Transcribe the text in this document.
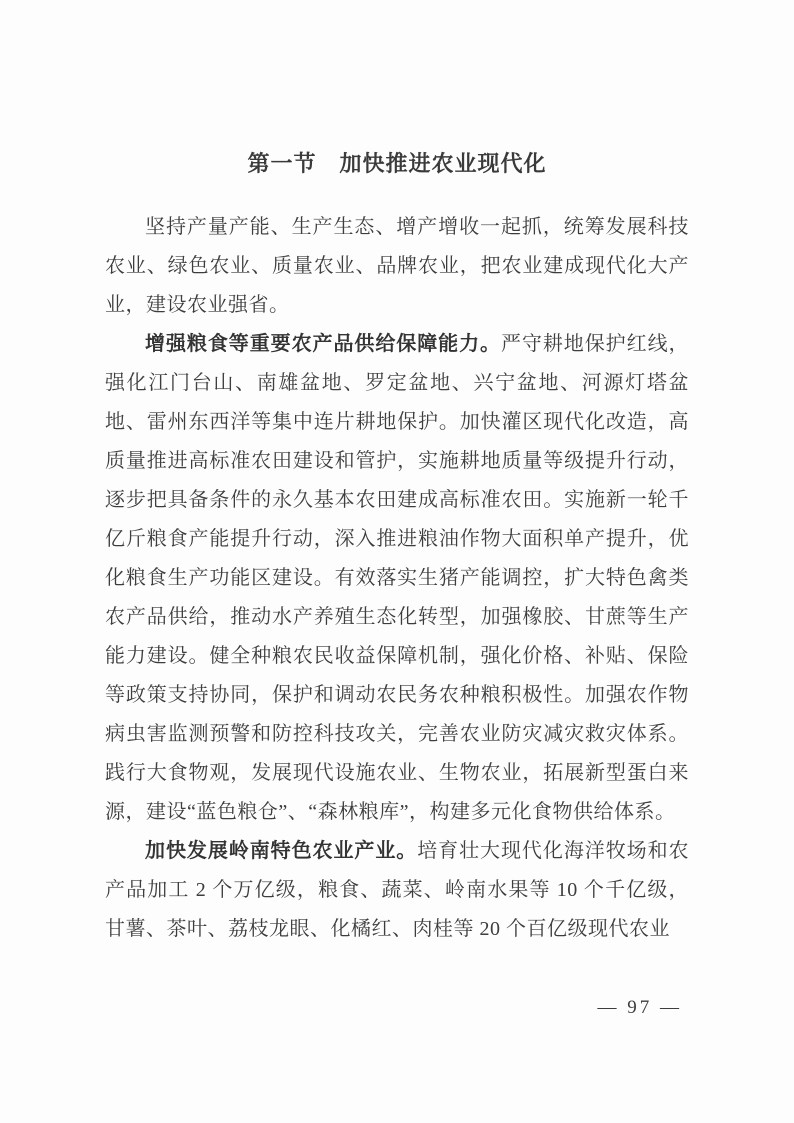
第一节　加快推进农业现代化

坚持产量产能、生产生态、增产增收一起抓，统筹发展科技农业、绿色农业、质量农业、品牌农业，把农业建成现代化大产业，建设农业强省。

增强粮食等重要农产品供给保障能力。严守耕地保护红线，强化江门台山、南雄盆地、罗定盆地、兴宁盆地、河源灯塔盆地、雷州东西洋等集中连片耕地保护。加快灌区现代化改造，高质量推进高标准农田建设和管护，实施耕地质量等级提升行动，逐步把具备条件的永久基本农田建成高标准农田。实施新一轮千亿斤粮食产能提升行动，深入推进粮油作物大面积单产提升，优化粮食生产功能区建设。有效落实生猪产能调控，扩大特色禽类农产品供给，推动水产养殖生态化转型，加强橡胶、甘蔗等生产能力建设。健全种粮农民收益保障机制，强化价格、补贴、保险等政策支持协同，保护和调动农民务农种粮积极性。加强农作物病虫害监测预警和防控科技攻关，完善农业防灾减灾救灾体系。践行大食物观，发展现代设施农业、生物农业，拓展新型蛋白来源，建设“蓝色粮仓”、“森林粮库”，构建多元化食物供给体系。

加快发展岭南特色农业产业。培育壮大现代化海洋牧场和农产品加工 2 个万亿级，粮食、蔬菜、岭南水果等 10 个千亿级，甘薯、茶叶、荔枝龙眼、化橘红、肉桂等 20 个百亿级现代农业

— 97 —
